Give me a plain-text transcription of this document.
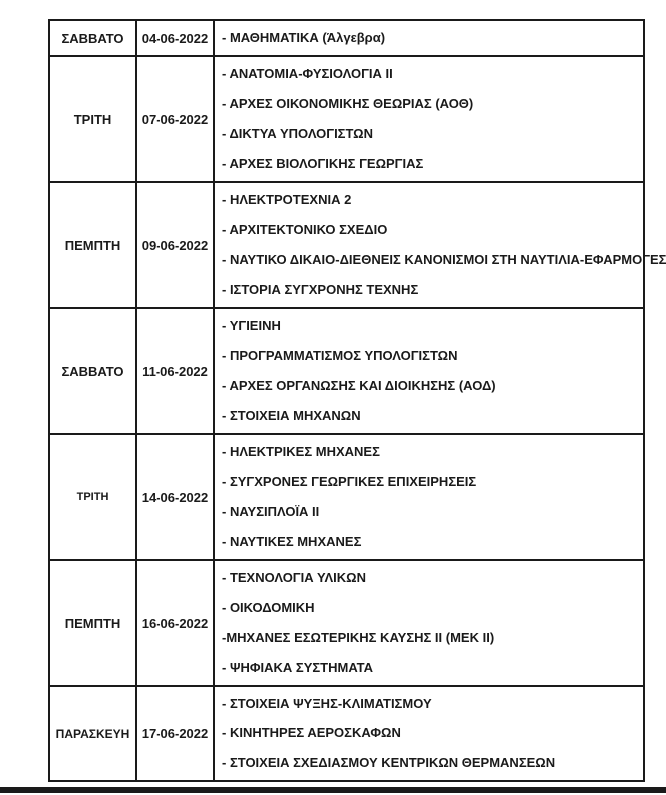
ΣΑΒΒΑΤΟ	04-06-2022	- ΜΑΘΗΜΑΤΙΚΑ (Άλγεβρα)
ΤΡΙΤΗ	07-06-2022
- ΑΝΑΤΟΜΙΑ-ΦΥΣΙΟΛΟΓΙΑ ΙΙ
- ΑΡΧΕΣ ΟΙΚΟΝΟΜΙΚΗΣ ΘΕΩΡΙΑΣ (ΑΟΘ)
- ΔΙΚΤΥΑ ΥΠΟΛΟΓΙΣΤΩΝ
- ΑΡΧΕΣ ΒΙΟΛΟΓΙΚΗΣ ΓΕΩΡΓΙΑΣ
ΠΕΜΠΤΗ	09-06-2022
- ΗΛΕΚΤΡΟΤΕΧΝΙΑ 2
- ΑΡΧΙΤΕΚΤΟΝΙΚΟ ΣΧΕΔΙΟ
- ΝΑΥΤΙΚΟ ΔΙΚΑΙΟ-ΔΙΕΘΝΕΙΣ ΚΑΝΟΝΙΣΜΟΙ ΣΤΗ ΝΑΥΤΙΛΙΑ-ΕΦΑΡΜΟΓΕΣ
- ΙΣΤΟΡΙΑ ΣΥΓΧΡΟΝΗΣ ΤΕΧΝΗΣ
ΣΑΒΒΑΤΟ	11-06-2022
- ΥΓΙΕΙΝΗ
- ΠΡΟΓΡΑΜΜΑΤΙΣΜΟΣ ΥΠΟΛΟΓΙΣΤΩΝ
- ΑΡΧΕΣ ΟΡΓΑΝΩΣΗΣ ΚΑΙ ΔΙΟΙΚΗΣΗΣ (ΑΟΔ)
- ΣΤΟΙΧΕΙΑ ΜΗΧΑΝΩΝ
ΤΡΙΤΗ	14-06-2022
- ΗΛΕΚΤΡΙΚΕΣ ΜΗΧΑΝΕΣ
- ΣΥΓΧΡΟΝΕΣ ΓΕΩΡΓΙΚΕΣ ΕΠΙΧΕΙΡΗΣΕΙΣ
- ΝΑΥΣΙΠΛΟΪΑ ΙΙ
- ΝΑΥΤΙΚΕΣ ΜΗΧΑΝΕΣ
ΠΕΜΠΤΗ	16-06-2022
- ΤΕΧΝΟΛΟΓΙΑ ΥΛΙΚΩΝ
- ΟΙΚΟΔΟΜΙΚΗ
-ΜΗΧΑΝΕΣ ΕΣΩΤΕΡΙΚΗΣ ΚΑΥΣΗΣ ΙΙ (ΜΕΚ ΙΙ)
- ΨΗΦΙΑΚΑ ΣΥΣΤΗΜΑΤΑ
ΠΑΡΑΣΚΕΥΗ 17-06-2022
- ΣΤΟΙΧΕΙΑ ΨΥΞΗΣ-ΚΛΙΜΑΤΙΣΜΟΥ
- ΚΙΝΗΤΗΡΕΣ ΑΕΡΟΣΚΑΦΩΝ
- ΣΤΟΙΧΕΙΑ ΣΧΕΔΙΑΣΜΟΥ ΚΕΝΤΡΙΚΩΝ ΘΕΡΜΑΝΣΕΩΝ
